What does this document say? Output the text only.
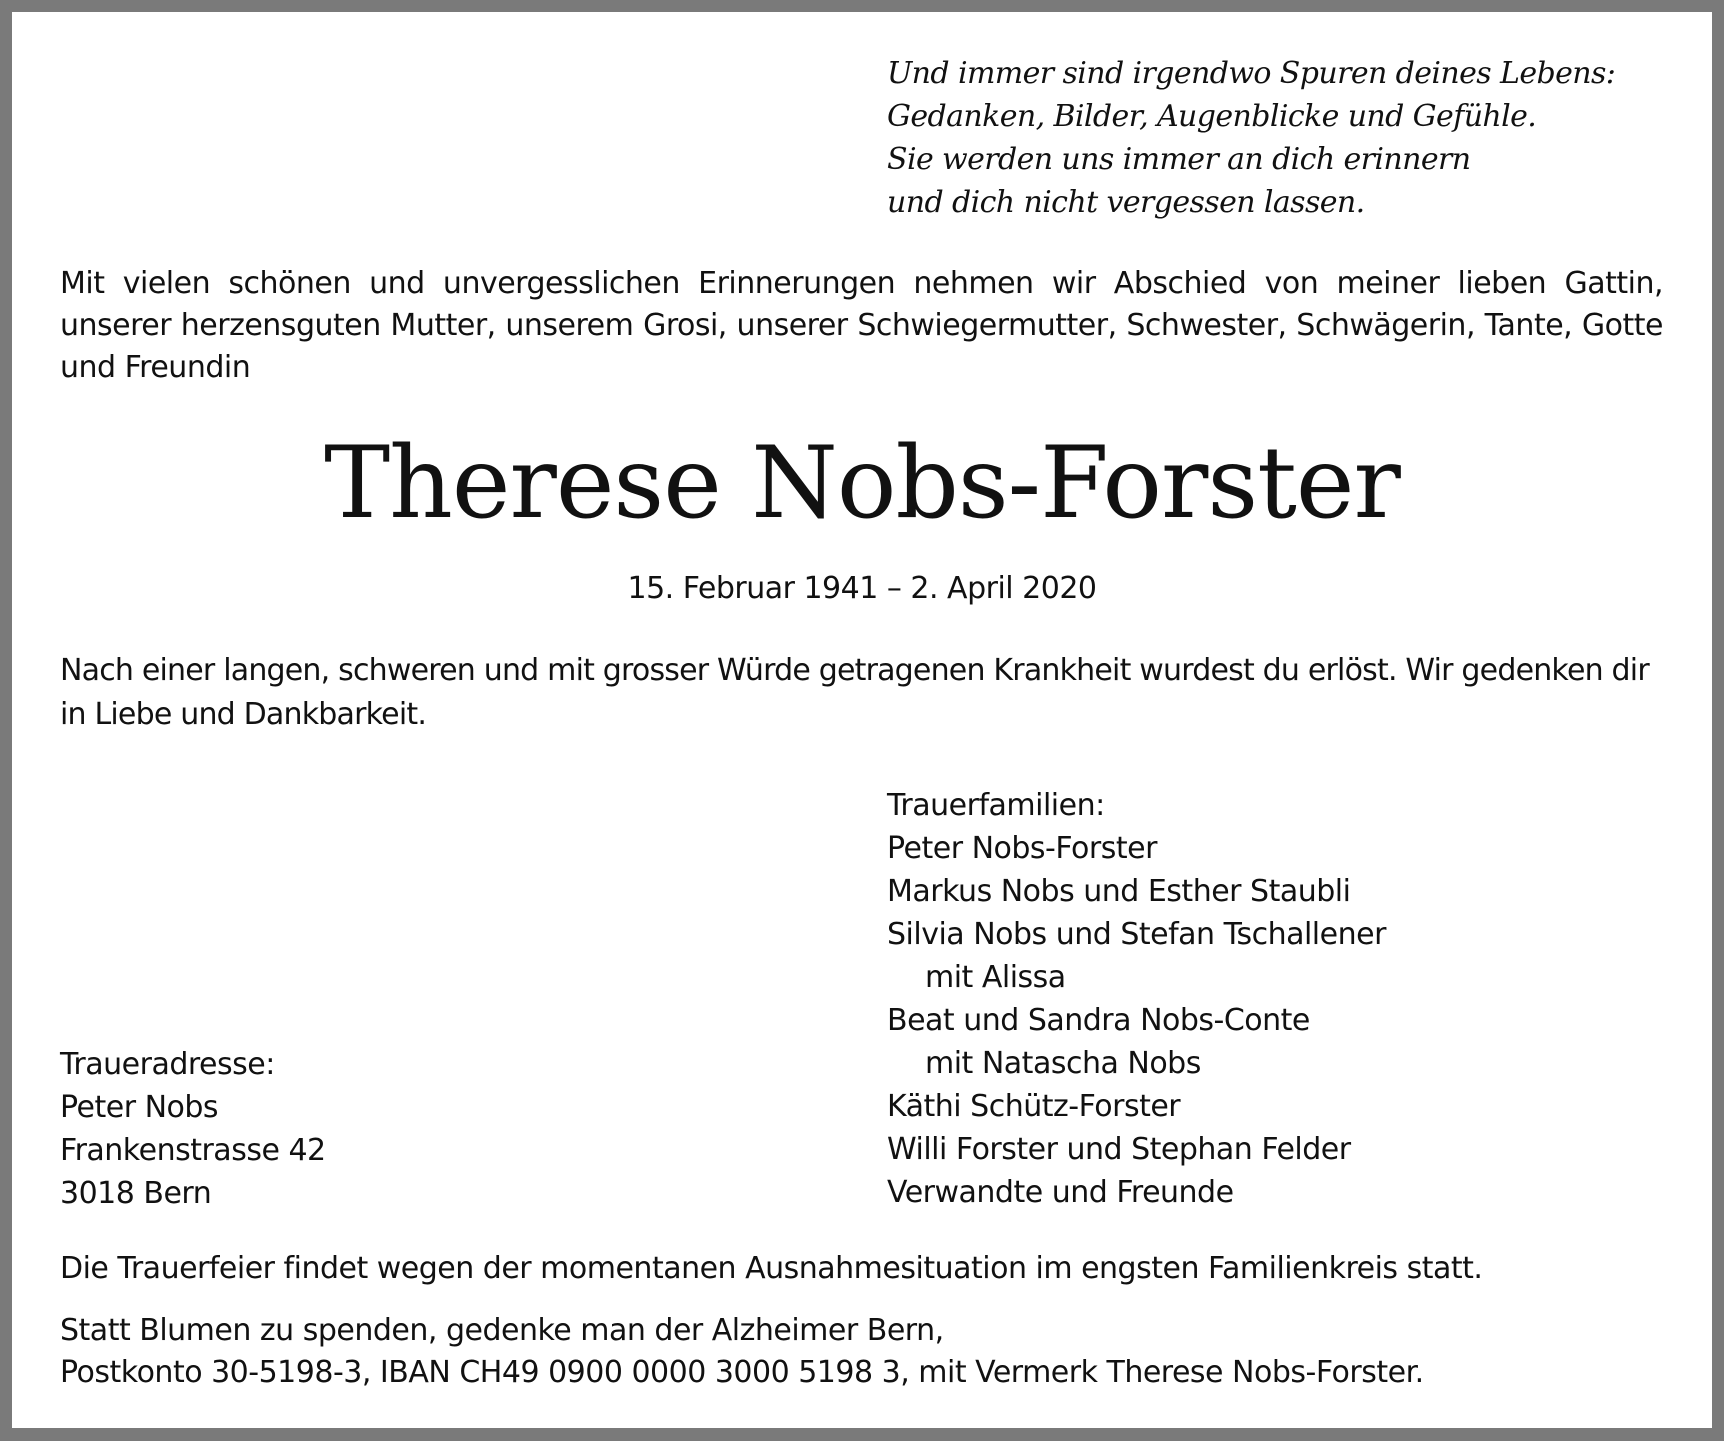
Und immer sind irgendwo Spuren deines Lebens:
Gedanken, Bilder, Augenblicke und Gefühle.
Sie werden uns immer an dich erinnern
und dich nicht vergessen lassen.
Mit vielen schönen und unvergesslichen Erinnerungen nehmen wir Abschied von meiner lieben Gattin, unserer herzensguten Mutter, unserem Grosi, unserer Schwiegermutter, Schwester, Schwägerin, Tante, Gotte und Freundin
Therese Nobs-Forster
15. Februar 1941 – 2. April 2020
Nach einer langen, schweren und mit grosser Würde getragenen Krankheit wurdest du erlöst. Wir gedenken dir in Liebe und Dankbarkeit.
Trauerfamilien:
Peter Nobs-Forster
Markus Nobs und Esther Staubli
Silvia Nobs und Stefan Tschallener
mit Alissa
Beat und Sandra Nobs-Conte
mit Natascha Nobs
Käthi Schütz-Forster
Willi Forster und Stephan Felder
Verwandte und Freunde
Traueradresse:
Peter Nobs
Frankenstrasse 42
3018 Bern
Die Trauerfeier findet wegen der momentanen Ausnahmesituation im engsten Familienkreis statt.
Statt Blumen zu spenden, gedenke man der Alzheimer Bern,
Postkonto 30-5198-3, IBAN CH49 0900 0000 3000 5198 3, mit Vermerk Therese Nobs-Forster.
